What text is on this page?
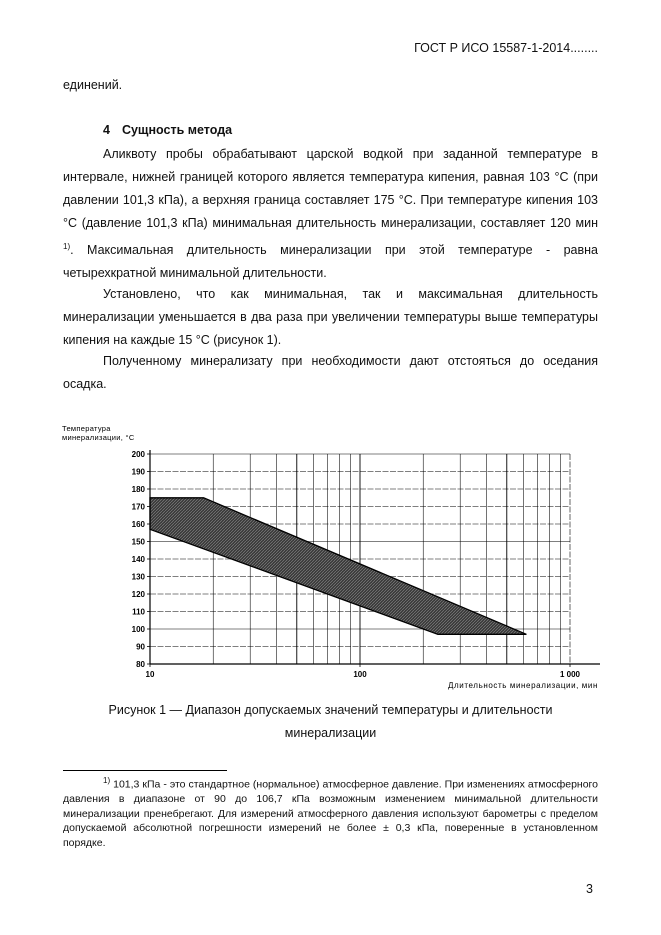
ГОСТ Р ИСО 15587-1-2014........
единений.
4 Сущность метода
Аликвоту пробы обрабатывают царской водкой при заданной температуре в интервале, нижней границей которого является температура кипения, равная 103 °С (при давлении 101,3 кПа), а верхняя граница составляет 175 °С. При температуре кипения 103 °С (давление 101,3 кПа) минимальная длительность минерализации, составляет 120 мин $^{1)}$. Максимальная длительность минерализации при этой температуре - равна четырехкратной минимальной длительности.
Установлено, что как минимальная, так и максимальная длительность минерализации уменьшается в два раза при увеличении температуры выше температуры кипения на каждые 15 °С (рисунок 1).
Полученному минерализату при необходимости дают отстояться до оседания осадка.
80
90
100
110
120
130
140
150
160
170
180
190
200
10	100	1 000
Температура
минерализации, °С
Длительность минерализации, мин
Рисунок 1 — Диапазон допускаемых значений температуры и длительности
минерализации
$^{1)}$ 101,3 кПа - это стандартное (нормальное) атмосферное давление. При изменениях атмосферного давления в диапазоне от 90 до 106,7 кПа возможным изменением минимальной длительности минерализации пренебрегают. Для измерений атмосферного давления используют барометры с пределом допускаемой абсолютной погрешности измерений не более ± 0,3 кПа, поверенные в установленном порядке.
3
